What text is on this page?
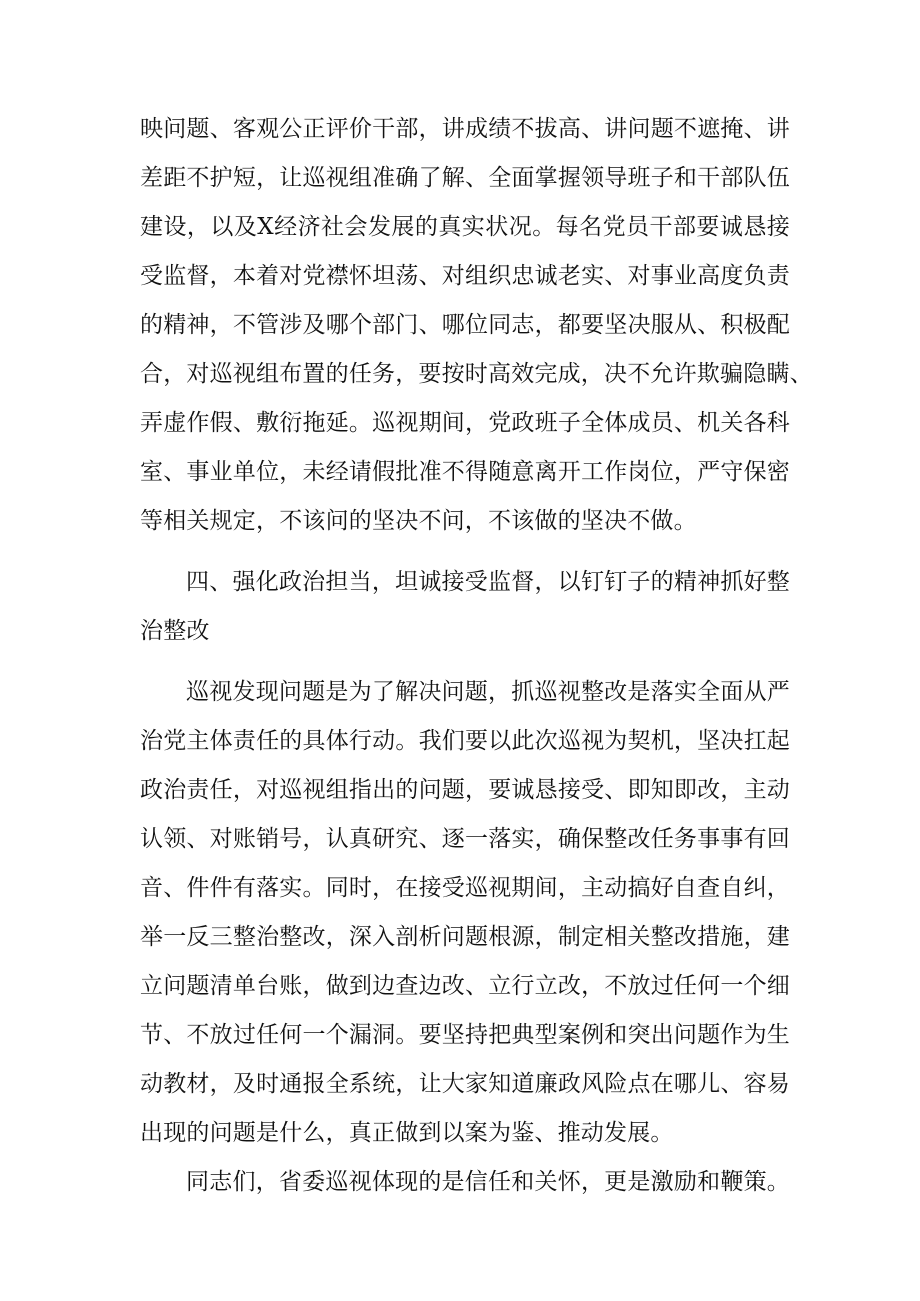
映问题、客观公正评价干部，讲成绩不拔高、讲问题不遮掩、讲
差距不护短，让巡视组准确了解、全面掌握领导班子和干部队伍
建设，以及X经济社会发展的真实状况。每名党员干部要诚恳接
受监督，本着对党襟怀坦荡、对组织忠诚老实、对事业高度负责
的精神，不管涉及哪个部门、哪位同志，都要坚决服从、积极配
合，对巡视组布置的任务，要按时高效完成，决不允许欺骗隐瞒、
弄虚作假、敷衍拖延。巡视期间，党政班子全体成员、机关各科
室、事业单位，未经请假批准不得随意离开工作岗位，严守保密
等相关规定，不该问的坚决不问，不该做的坚决不做。
四、强化政治担当，坦诚接受监督，以钉钉子的精神抓好整
治整改
巡视发现问题是为了解决问题，抓巡视整改是落实全面从严
治党主体责任的具体行动。我们要以此次巡视为契机，坚决扛起
政治责任，对巡视组指出的问题，要诚恳接受、即知即改，主动
认领、对账销号，认真研究、逐一落实，确保整改任务事事有回
音、件件有落实。同时，在接受巡视期间，主动搞好自查自纠，
举一反三整治整改，深入剖析问题根源，制定相关整改措施，建
立问题清单台账，做到边查边改、立行立改，不放过任何一个细
节、不放过任何一个漏洞。要坚持把典型案例和突出问题作为生
动教材，及时通报全系统，让大家知道廉政风险点在哪儿、容易
出现的问题是什么，真正做到以案为鉴、推动发展。
同志们，省委巡视体现的是信任和关怀，更是激励和鞭策。
